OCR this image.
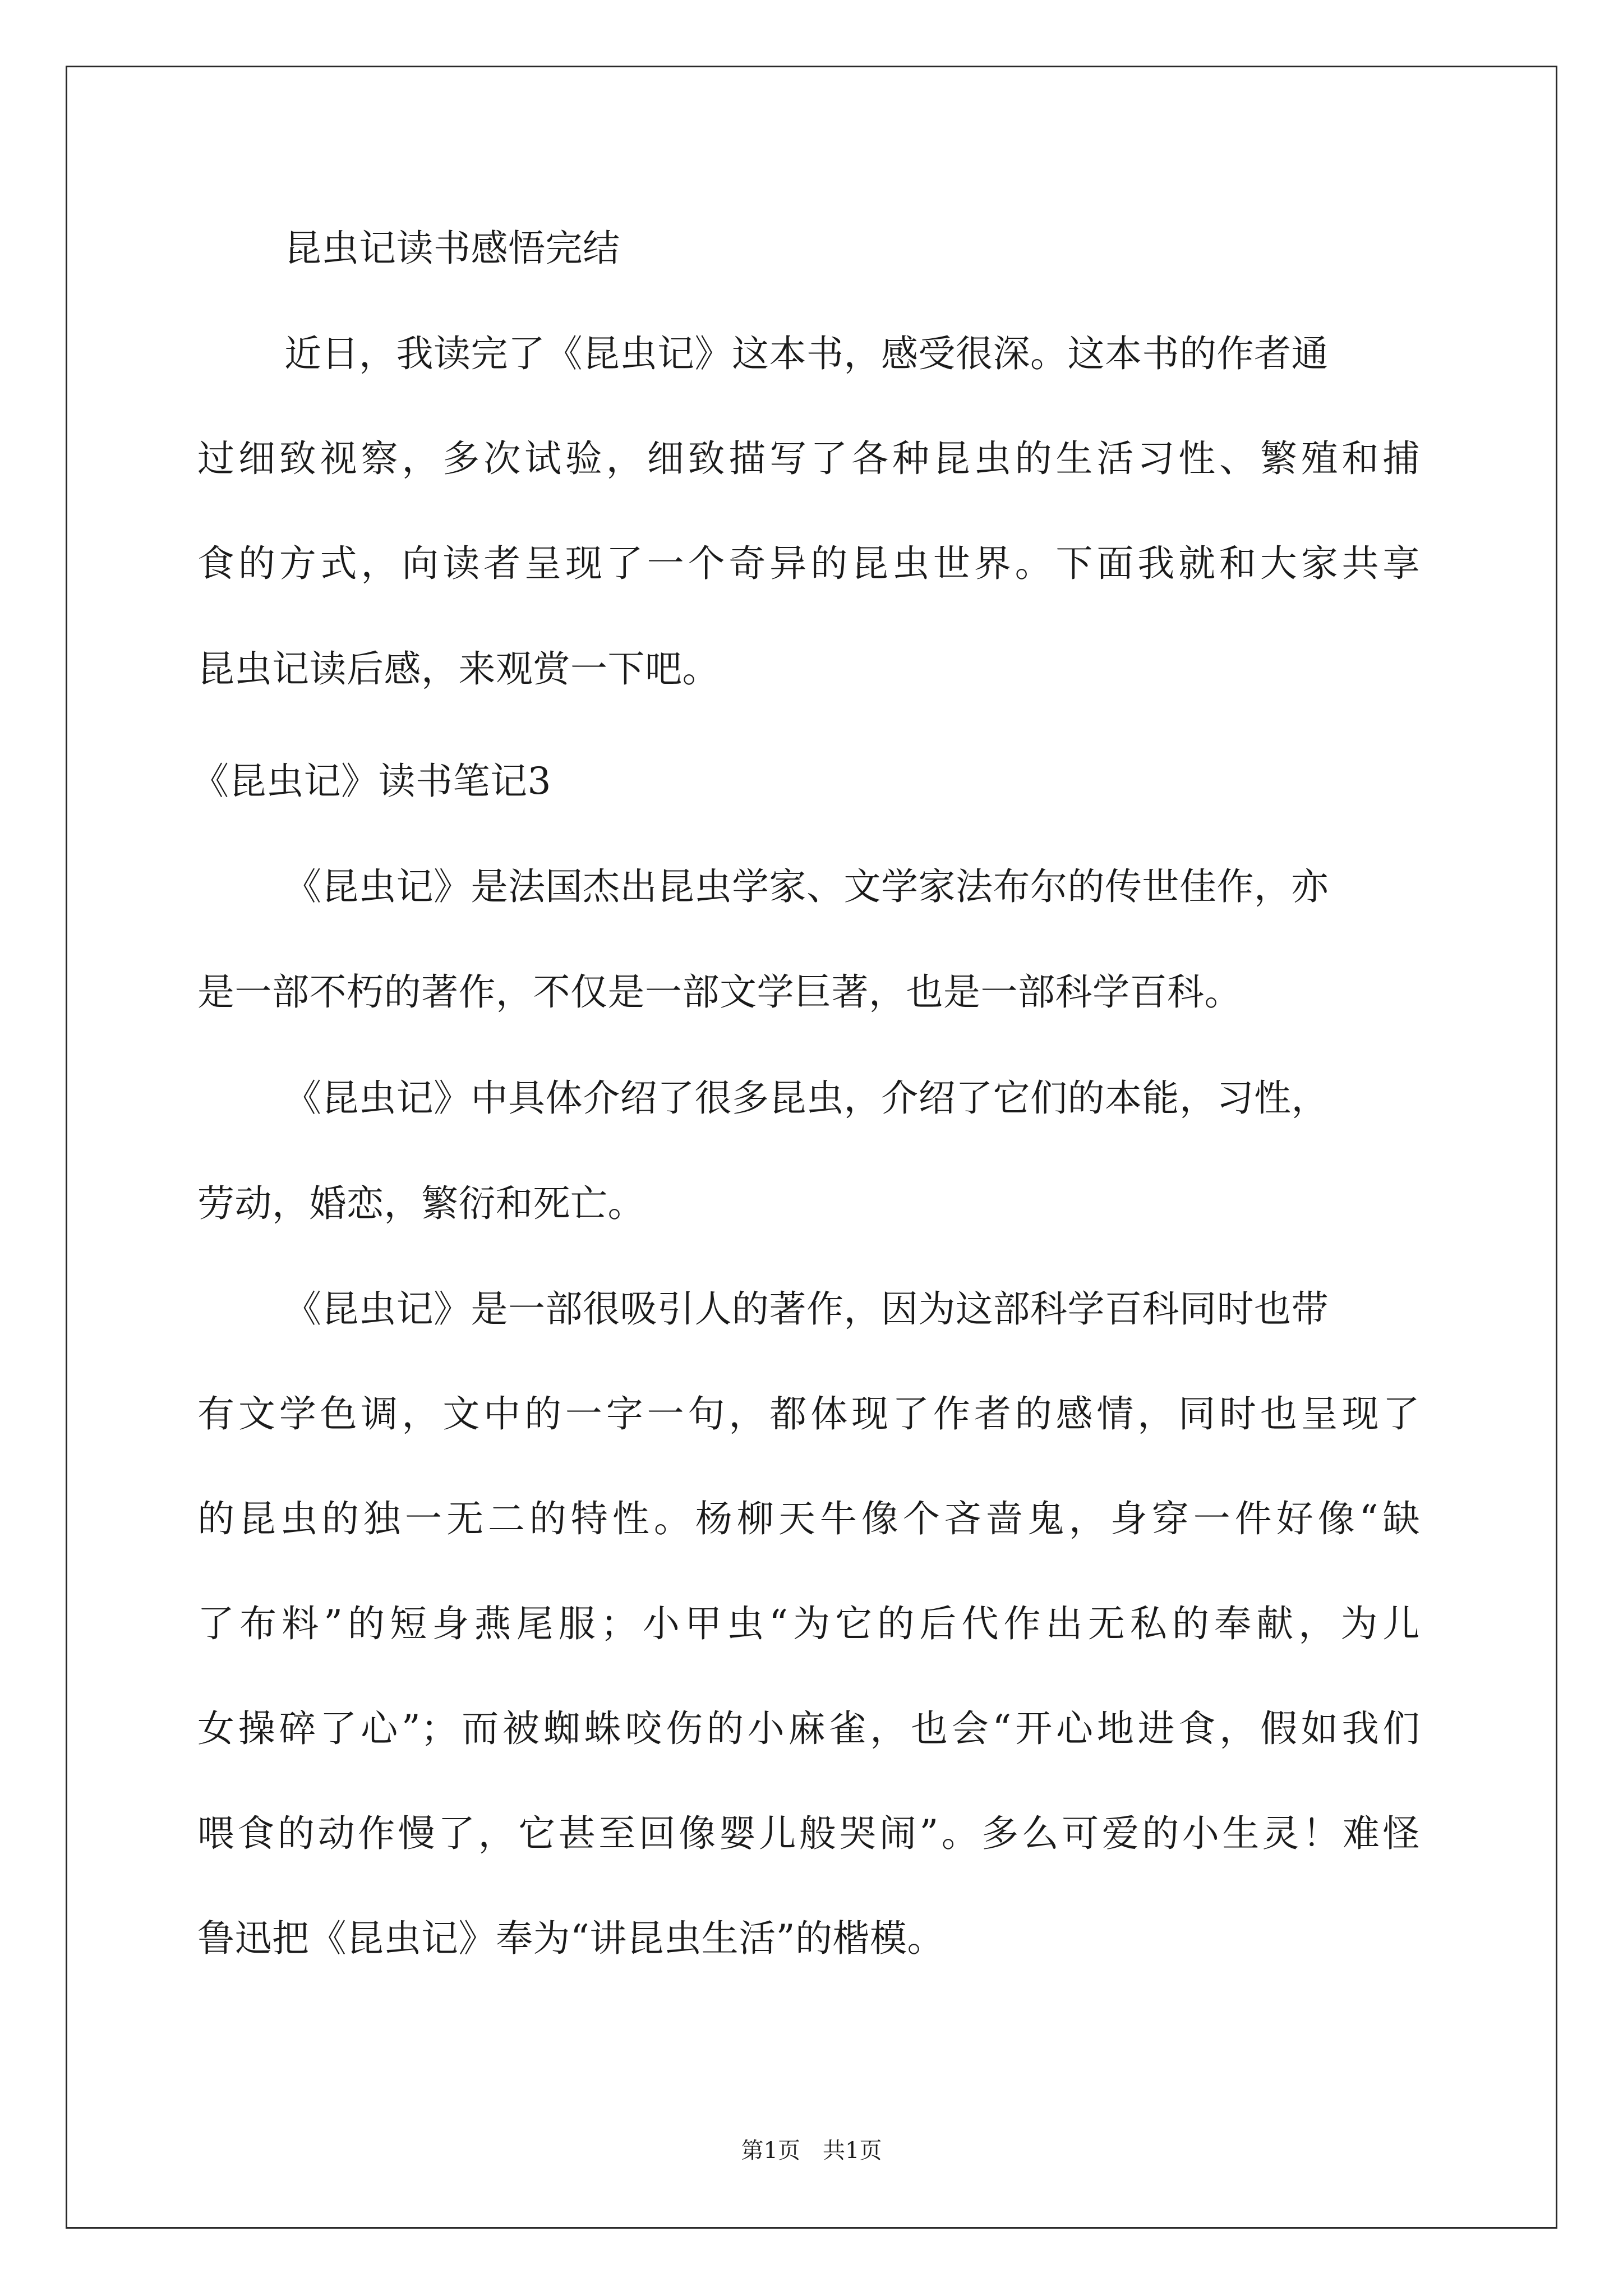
昆虫记读书感悟完结
近日，我读完了《昆虫记》这本书，感受很深。这本书的作者通
过细致视察，多次试验，细致描写了各种昆虫的生活习性、繁殖和捕
食的方式，向读者呈现了一个奇异的昆虫世界。下面我就和大家共享
昆虫记读后感，来观赏一下吧。
《昆虫记》读书笔记3
《昆虫记》是法国杰出昆虫学家、文学家法布尔的传世佳作，亦
是一部不朽的著作，不仅是一部文学巨著，也是一部科学百科。
《昆虫记》中具体介绍了很多昆虫，介绍了它们的本能，习性，
劳动，婚恋，繁衍和死亡。
《昆虫记》是一部很吸引人的著作，因为这部科学百科同时也带
有文学色调，文中的一字一句，都体现了作者的感情，同时也呈现了
的昆虫的独一无二的特性。杨柳天牛像个吝啬鬼，身穿一件好像“缺
了布料”的短身燕尾服；小甲虫“为它的后代作出无私的奉献，为儿
女操碎了心”；而被蜘蛛咬伤的小麻雀，也会“开心地进食，假如我们
喂食的动作慢了，它甚至回像婴儿般哭闹”。多么可爱的小生灵！难怪
鲁迅把《昆虫记》奉为“讲昆虫生活”的楷模。
第1页 共1页
